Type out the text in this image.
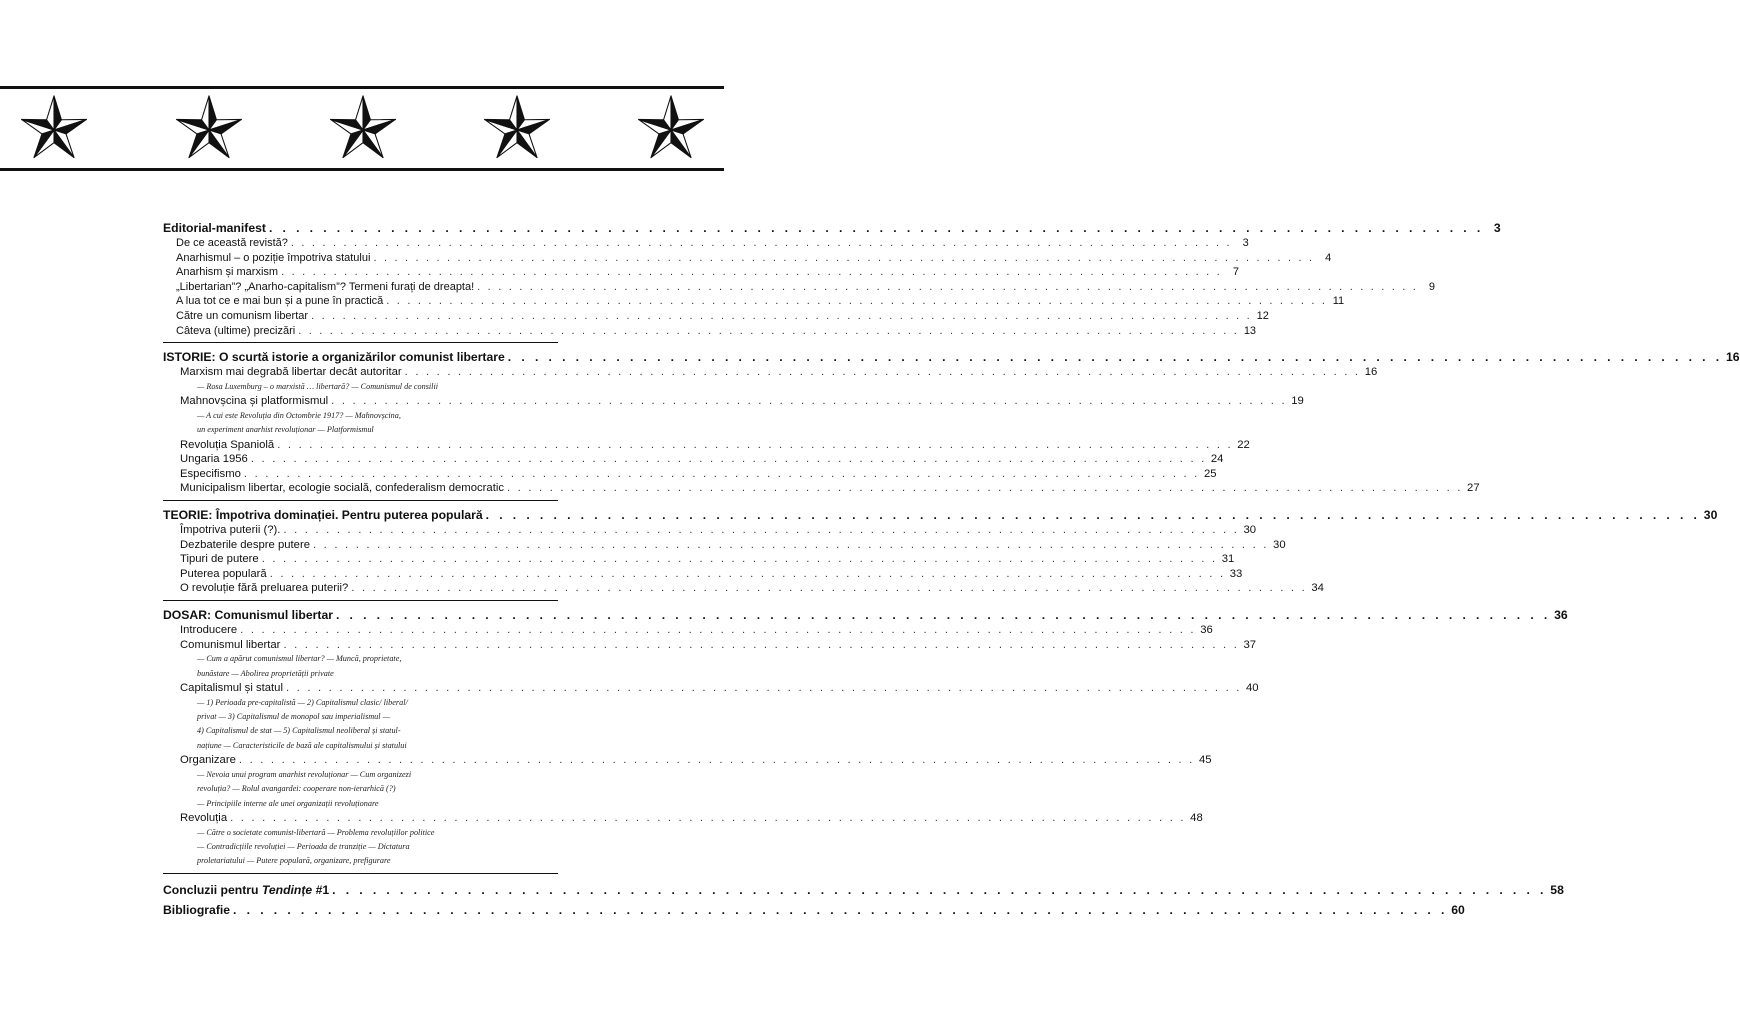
Editorial-manifest . . .	3
De ce această revistă? . . .	3
Anarhismul – o poziție împotriva statului . . .	4
Anarhism și marxism . . .	7
„Libertarian”? „Anarho-capitalism”? Termeni furați de dreapta! . . .	9
A lua tot ce e mai bun și a pune în practică . . .	11
Către un comunism libertar . . .	12
Câteva (ultime) precizări . . .	13
ISTORIE: O scurtă istorie a organizărilor comunist libertare . . .	16
Marxism mai degrabă libertar decât autoritar . . .	16
— Rosa Luxemburg – o marxistă … libertară? — Comunismul de consilii
Mahnovșcina și platformismul . . .	19
— A cui este Revoluția din Octombrie 1917? — Mahnovșcina,
un experiment anarhist revoluționar — Platformismul
Revoluția Spaniolă . . .	22
Ungaria 1956 . . .	24
Especifismo . . .	25
Municipalism libertar, ecologie socială, confederalism democratic . . .	27
TEORIE: Împotriva dominației. Pentru puterea populară . . .	30
Împotriva puterii (?). . . .	30
Dezbaterile despre putere . . .	30
Tipuri de putere . . .	31
Puterea populară . . .	33
O revoluție fără preluarea puterii? . . .	34
DOSAR: Comunismul libertar . . .	36
Introducere . . .	36
Comunismul libertar . . .	37
— Cum a apărut comunismul libertar? — Muncă, proprietate,
bunăstare — Abolirea proprietății private
Capitalismul și statul . . .	40
— 1) Perioada pre-capitalistă — 2) Capitalismul clasic/ liberal/
privat — 3) Capitalismul de monopol sau imperialismul —
4) Capitalismul de stat — 5) Capitalismul neoliberal și statul-
națiune — Caracteristicile de bază ale capitalismului și statului
Organizare . . .	45
— Nevoia unui program anarhist revoluționar — Cum organizezi
revoluția? — Rolul avangardei: cooperare non-ierarhică (?)
— Principiile interne ale unei organizații revoluționare
Revoluția . . .	48
— Către o societate comunist-libertară — Problema revoluțiilor politice
— Contradicțiile revoluției — Perioada de tranziție — Dictatura
proletariatului — Putere populară, organizare, prefigurare
Concluzii pentru Tendințe #1 . . .	58
Bibliografie . . .	60
